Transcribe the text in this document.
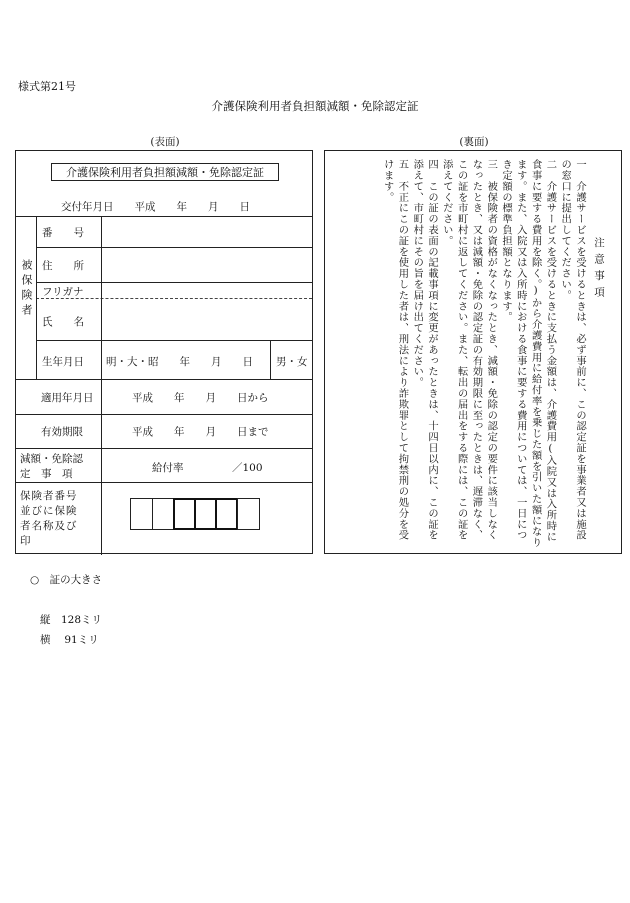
様式第21号
介護保険利用者負担額減額・免除認定証
(表面)	(裏面)
介護保険利用者負担額減額・免除認定証
交付年月日　　平成　　年　　月　　日
被保険者
番　　号
住　　所
フリガナ
氏　　名
生年月日 明・大・昭　　年　　月　　日 男・女
適用年月日	平成　　年　　月　　日から
有効期限	平成　　年　　月　　日まで
減額・免除認
定　事　項	給付率	／100
保険者番号
並びに保険
者名称及び
印
注意事項

一　介護サービスを受けるときは、必ず事前に、この認定証を事業者又は施設の窓口に提出してください。

二　介護サービスを受けるときに支払う金額は、介護費用(入院又は入所時に食事に要する費用を除く。)から介護費用に給付率を乗じた額を引いた額になります。また、入院又は入所時における食事に要する費用については、一日につき定額の標準負担額となります。

三　被保険者の資格がなくなったとき、減額・免除の認定の要件に該当しなくなったとき、又は減額・免除の認定証の有効期限に至ったときは、遅滞なく、この証を市町村に返してください。また、転出の届出をする際には、この証を添えてください。

四　この証の表面の記載事項に変更があったときは、十四日以内に、この証を添えて、市町村にその旨を届け出てください。

五　不正にこの証を使用した者は、刑法により詐欺罪として拘禁刑の処分を受けます。

○　証の大きさ
縦　128ミリ
横　 91ミリ
